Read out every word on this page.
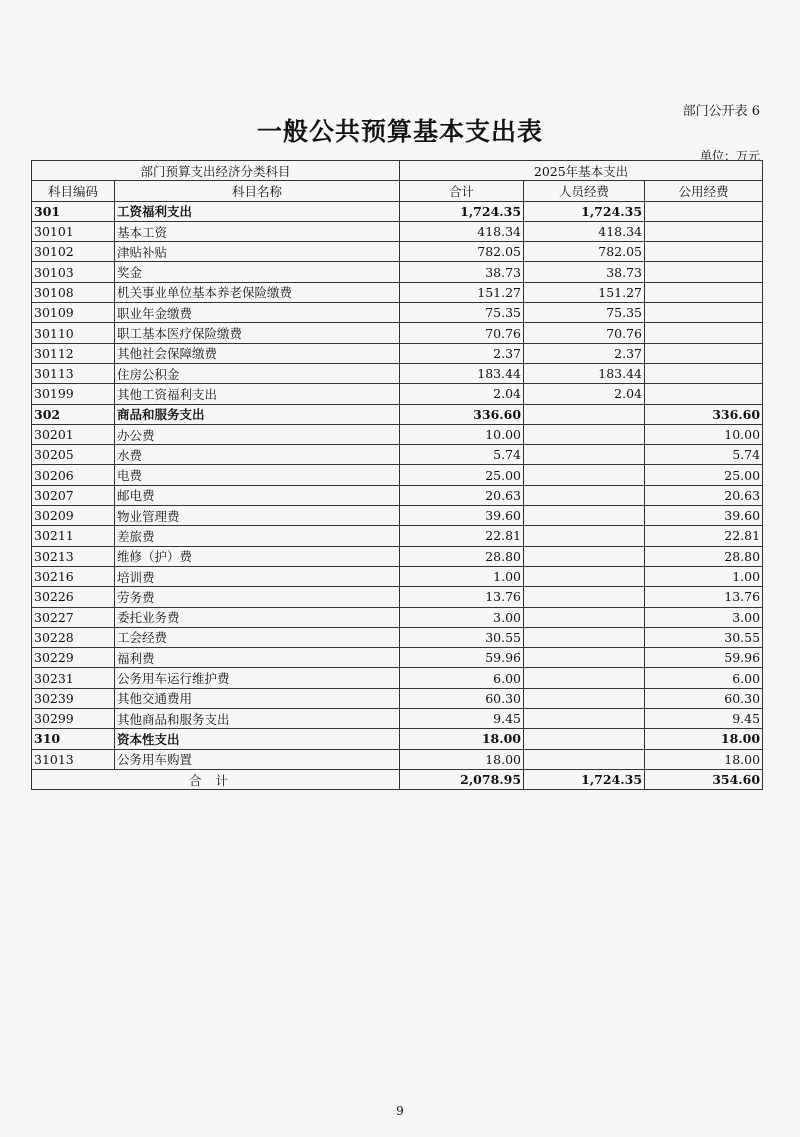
部门公开表 6
一般公共预算基本支出表
单位：万元
部门预算支出经济分类科目		2025年基本支出		
科目编码	科目名称	合计	人员经费	公用经费
301	工资福利支出	1,724.35	1,724.35	
30101	基本工资	418.34	418.34	
30102	津贴补贴	782.05	782.05	
30103	奖金	38.73	38.73	
30108	机关事业单位基本养老保险缴费	151.27	151.27	
30109	职业年金缴费	75.35	75.35	
30110	职工基本医疗保险缴费	70.76	70.76	
30112	其他社会保障缴费	2.37	2.37	
30113	住房公积金	183.44	183.44	
30199	其他工资福利支出	2.04	2.04	
302	商品和服务支出	336.60		336.60
30201	办公费	10.00		10.00
30205	水费	5.74		5.74
30206	电费	25.00		25.00
30207	邮电费	20.63		20.63
30209	物业管理费	39.60		39.60
30211	差旅费	22.81		22.81
30213	维修（护）费	28.80		28.80
30216	培训费	1.00		1.00
30226	劳务费	13.76		13.76
30227	委托业务费	3.00		3.00
30228	工会经费	30.55		30.55
30229	福利费	59.96		59.96
30231	公务用车运行维护费	6.00		6.00
30239	其他交通费用	60.30		60.30
30299	其他商品和服务支出	9.45		9.45
310	资本性支出	18.00		18.00
31013	公务用车购置	18.00		18.00
合计		2,078.95	1,724.35	354.60
9
